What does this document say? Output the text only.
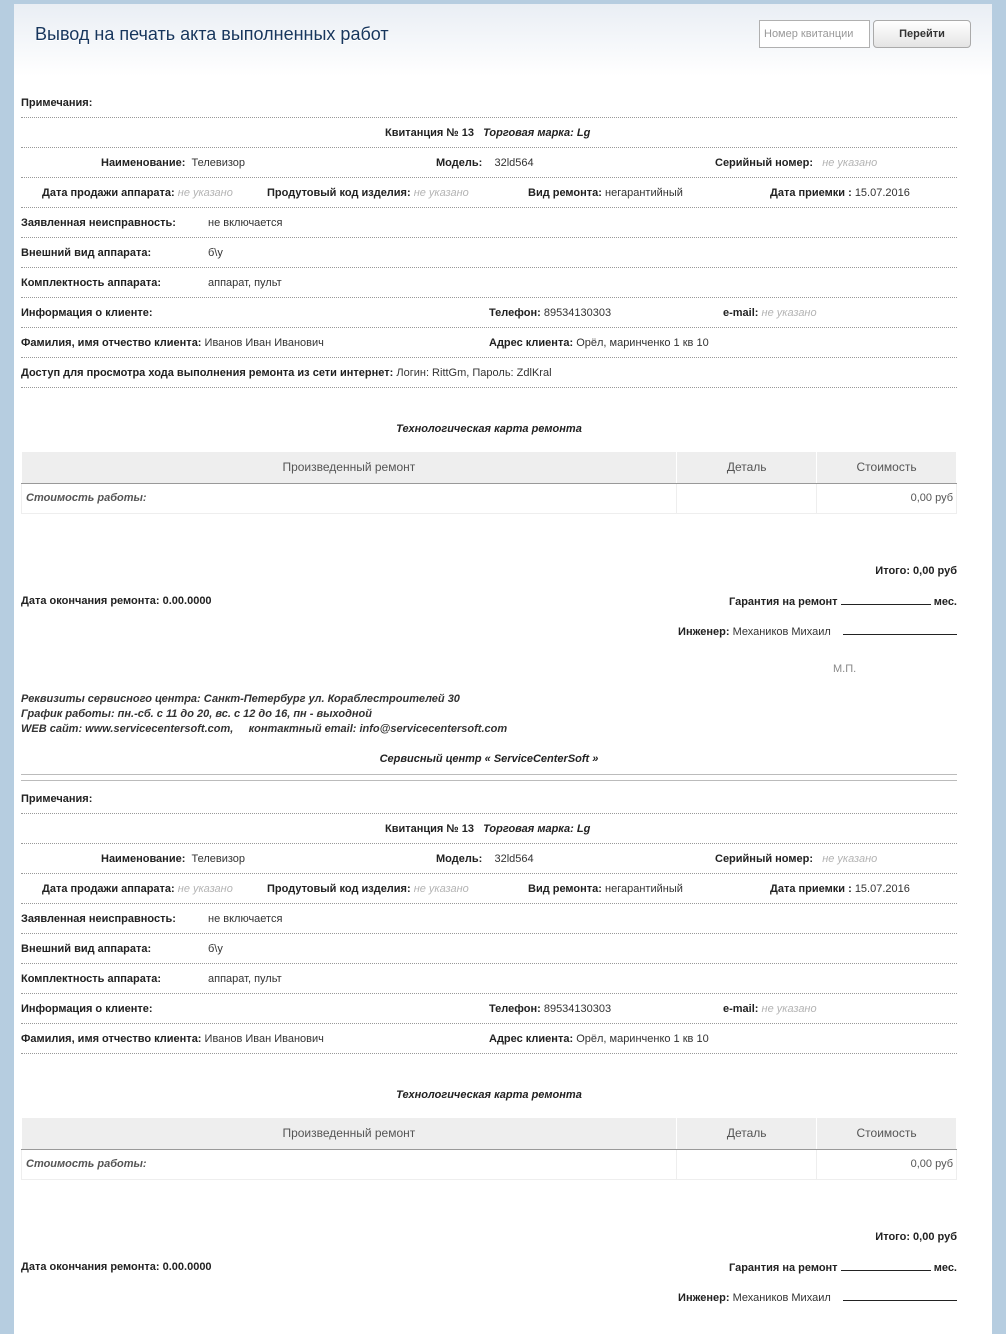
Вывод на печать акта выполненных работ
Номер квитанции	Перейти
Примечания:
Квитанция № 13 Торговая марка: Lg
Наименование: Телевизор	Модель: 32ld564	Серийный номер: не указано
Дата продажи аппарата: не указано	Продутовый код изделия: не указано	Вид ремонта: негарантийный	Дата приемки : 15.07.2016
Заявленная неисправность:	не включается
Внешний вид аппарата:	б\у
Комплектность аппарата:	аппарат, пульт
Информация о клиенте:	Телефон: 89534130303	e-mail: не указано
Фамилия, имя отчество клиента: Иванов Иван Иванович	Адрес клиента: Орёл, маринченко 1 кв 10
Доступ для просмотра хода выполнения ремонта из сети интернет: Логин: RittGm, Пароль: ZdlKral
Технологическая карта ремонта
Произведенный ремонт	Деталь	Стоимость
Стоимость работы:		0,00 руб
Итого: 0,00 руб
Дата окончания ремонта: 0.00.0000	Гарантия на ремонт	мес.
Инженер: Механиков Михаил
М.П.
Реквизиты сервисного центра: Санкт-Петербург ул. Кораблестроителей 30
График работы: пн.-сб. с 11 до 20, вс. с 12 до 16, пн - выходной
WEB сайт: www.servicecentersoft.com, контактный email: info@servicecentersoft.com
Сервисный центр « ServiceCenterSoft »
Примечания:
Квитанция № 13 Торговая марка: Lg
Наименование: Телевизор	Модель: 32ld564	Серийный номер: не указано
Дата продажи аппарата: не указано	Продутовый код изделия: не указано	Вид ремонта: негарантийный	Дата приемки : 15.07.2016
Заявленная неисправность:	не включается
Внешний вид аппарата:	б\у
Комплектность аппарата:	аппарат, пульт
Информация о клиенте:	Телефон: 89534130303	e-mail: не указано
Фамилия, имя отчество клиента: Иванов Иван Иванович	Адрес клиента: Орёл, маринченко 1 кв 10
Технологическая карта ремонта
Произведенный ремонт	Деталь	Стоимость
Стоимость работы:		0,00 руб
Итого: 0,00 руб
Дата окончания ремонта: 0.00.0000	Гарантия на ремонт	мес.
Инженер: Механиков Михаил
